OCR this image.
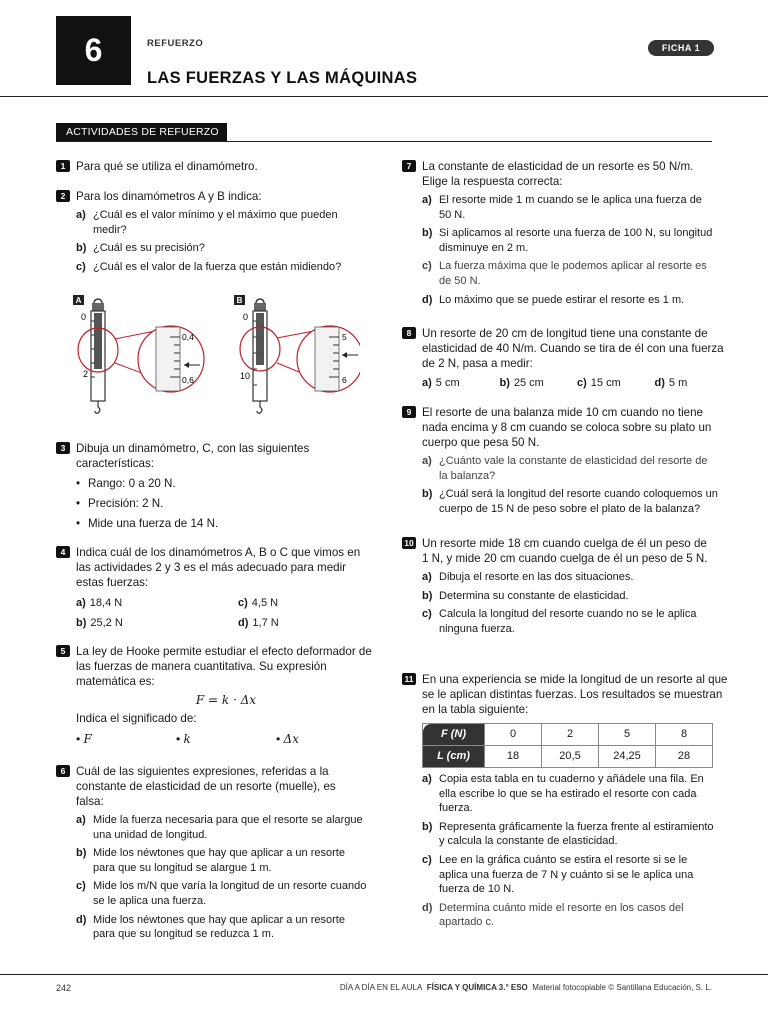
6	REFUERZO
LAS FUERZAS Y LAS MÁQUINAS
FICHA 1
ACTIVIDADES DE REFUERZO
1 Para qué se utiliza el dinamómetro.
2 Para los dinamómetros A y B indica:
a) ¿Cuál es el valor mínimo y el máximo que pueden medir?
b) ¿Cuál es su precisión?
c) ¿Cuál es el valor de la fuerza que están midiendo?
A
0
2
0,4
0,6
B
0
10
5
6
3 Dibuja un dinamómetro, C, con las siguientes características:
• Rango: 0 a 20 N.
• Precisión: 2 N.
• Mide una fuerza de 14 N.
4 Indica cuál de los dinamómetros A, B o C que vimos en las actividades 2 y 3 es el más adecuado para medir estas fuerzas:
a) 18,4 N	c) 4,5 N
b) 25,2 N	d) 1,7 N
5 La ley de Hooke permite estudiar el efecto deformador de las fuerzas de manera cuantitativa. Su expresión matemática es:
F = k · Δx
Indica el significado de:
• F	• k	• Δx
6 Cuál de las siguientes expresiones, referidas a la constante de elasticidad de un resorte (muelle), es falsa:
a) Mide la fuerza necesaria para que el resorte se alargue una unidad de longitud.
b) Mide los néwtones que hay que aplicar a un resorte para que su longitud se alargue 1 m.
c) Mide los m/N que varía la longitud de un resorte cuando se le aplica una fuerza.
d) Mide los néwtones que hay que aplicar a un resorte para que su longitud se reduzca 1 m.
7 La constante de elasticidad de un resorte es 50 N/m. Elige la respuesta correcta:
a) El resorte mide 1 m cuando se le aplica una fuerza de 50 N.
b) Si aplicamos al resorte una fuerza de 100 N, su longitud disminuye en 2 m.
c) La fuerza máxima que le podemos aplicar al resorte es de 50 N.
d) Lo máximo que se puede estirar el resorte es 1 m.
8 Un resorte de 20 cm de longitud tiene una constante de elasticidad de 40 N/m. Cuando se tira de él con una fuerza de 2 N, pasa a medir:
a) 5 cm	b) 25 cm	c) 15 cm	d) 5 m
9 El resorte de una balanza mide 10 cm cuando no tiene nada encima y 8 cm cuando se coloca sobre su plato un cuerpo que pesa 50 N.
a) ¿Cuánto vale la constante de elasticidad del resorte de la balanza?
b) ¿Cuál será la longitud del resorte cuando coloquemos un cuerpo de 15 N de peso sobre el plato de la balanza?
10 Un resorte mide 18 cm cuando cuelga de él un peso de 1 N, y mide 20 cm cuando cuelga de él un peso de 5 N.
a) Dibuja el resorte en las dos situaciones.
b) Determina su constante de elasticidad.
c) Calcula la longitud del resorte cuando no se le aplica ninguna fuerza.
11 En una experiencia se mide la longitud de un resorte al que se le aplican distintas fuerzas. Los resultados se muestran en la tabla siguiente:
F (N)	0	2	5	8
L (cm)	18	20,5	24,25	28
a) Copia esta tabla en tu cuaderno y añádele una fila. En ella escribe lo que se ha estirado el resorte con cada fuerza.
b) Representa gráficamente la fuerza frente al estiramiento y calcula la constante de elasticidad.
c) Lee en la gráfica cuánto se estira el resorte si se le aplica una fuerza de 7 N y cuánto si se le aplica una fuerza de 10 N.
d) Determina cuánto mide el resorte en los casos del apartado c.
242	DÍA A DÍA EN EL AULA FÍSICA Y QUÍMICA 3.° ESO Material fotocopiable © Santillana Educación, S. L.
